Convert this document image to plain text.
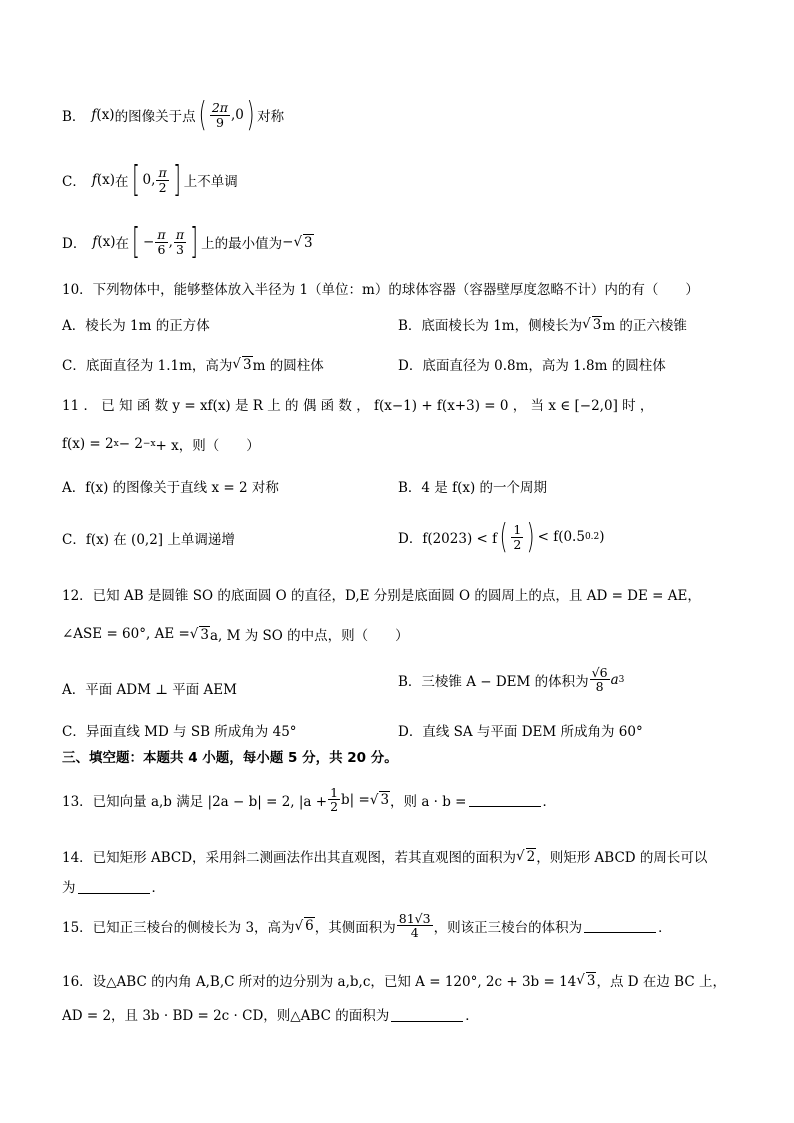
B． f (x) 的图像关于点 ( $\frac{2\pi}{9} ,0$ ) 对称
C． f (x) 在 [ 0, $\frac{\pi}{2}$ ] 上不单调
D． f (x) 在 [ − $\frac{\pi}{6}$ , $\frac{\pi}{3}$ ] 上的最小值为 − √ 3
10．下列物体中，能够整体放入半径为 1（单位：m）的球体容器（容器壁厚度忽略不计）内的有（　　）
A．棱长为 1m 的正方体	B．底面棱长为 1m，侧棱长为 √ 3 m 的正六棱锥
C．底面直径为 1.1m，高为 √ 3 m 的圆柱体	D．底面直径为 0.8m，高为 1.8m 的圆柱体
11 ． 已 知 函 数 y = xf(x) 是 R 上 的 偶 函 数 ， f(x−1) + f(x+3) = 0 ， 当 x ∈ [−2,0] 时 ，
f(x) = 2 x − 2 −x + x，则（　　）
A．f(x) 的图像关于直线 x = 2 对称	B．4 是 f(x) 的一个周期
C．f(x) 在 (0,2] 上单调递增	D．f(2023) < f ( $\frac{1}{2}$ ) < f(0.5 0.2 )
12．已知 AB 是圆锥 SO 的底面圆 O 的直径，D,E 分别是底面圆 O 的圆周上的点，且 AD = DE = AE，
∠ASE = 60°, AE = √ 3 a, M 为 SO 的中点，则（　　）
A．平面 ADM ⊥ 平面 AEM
B．三棱锥 A − DEM 的体积为 $\frac{√6}{8}$ a 3
C．异面直线 MD 与 SB 所成角为 45°	D．直线 SA 与平面 DEM 所成角为 60°
三、填空题：本题共 4 小题，每小题 5 分，共 20 分。
13．已知向量 a,b 满足 |2a − b| = 2, $|a + \frac{1}{2} b|$ = √ 3 ，则 a · b =	．
14．已知矩形 ABCD，采用斜二测画法作出其直观图，若其直观图的面积为 √ 2 ，则矩形 ABCD 的周长可以
为	．
15．已知正三棱台的侧棱长为 3，高为 √ 6 ，其侧面积为 $\frac{81√3}{4}$ ，则该正三棱台的体积为	．
16．设△ABC 的内角 A,B,C 所对的边分别为 a,b,c，已知 A = 120°, 2c + 3b = 14 √ 3 ，点 D 在边 BC 上，
AD = 2，且 3b · BD = 2c · CD，则△ABC 的面积为	．
